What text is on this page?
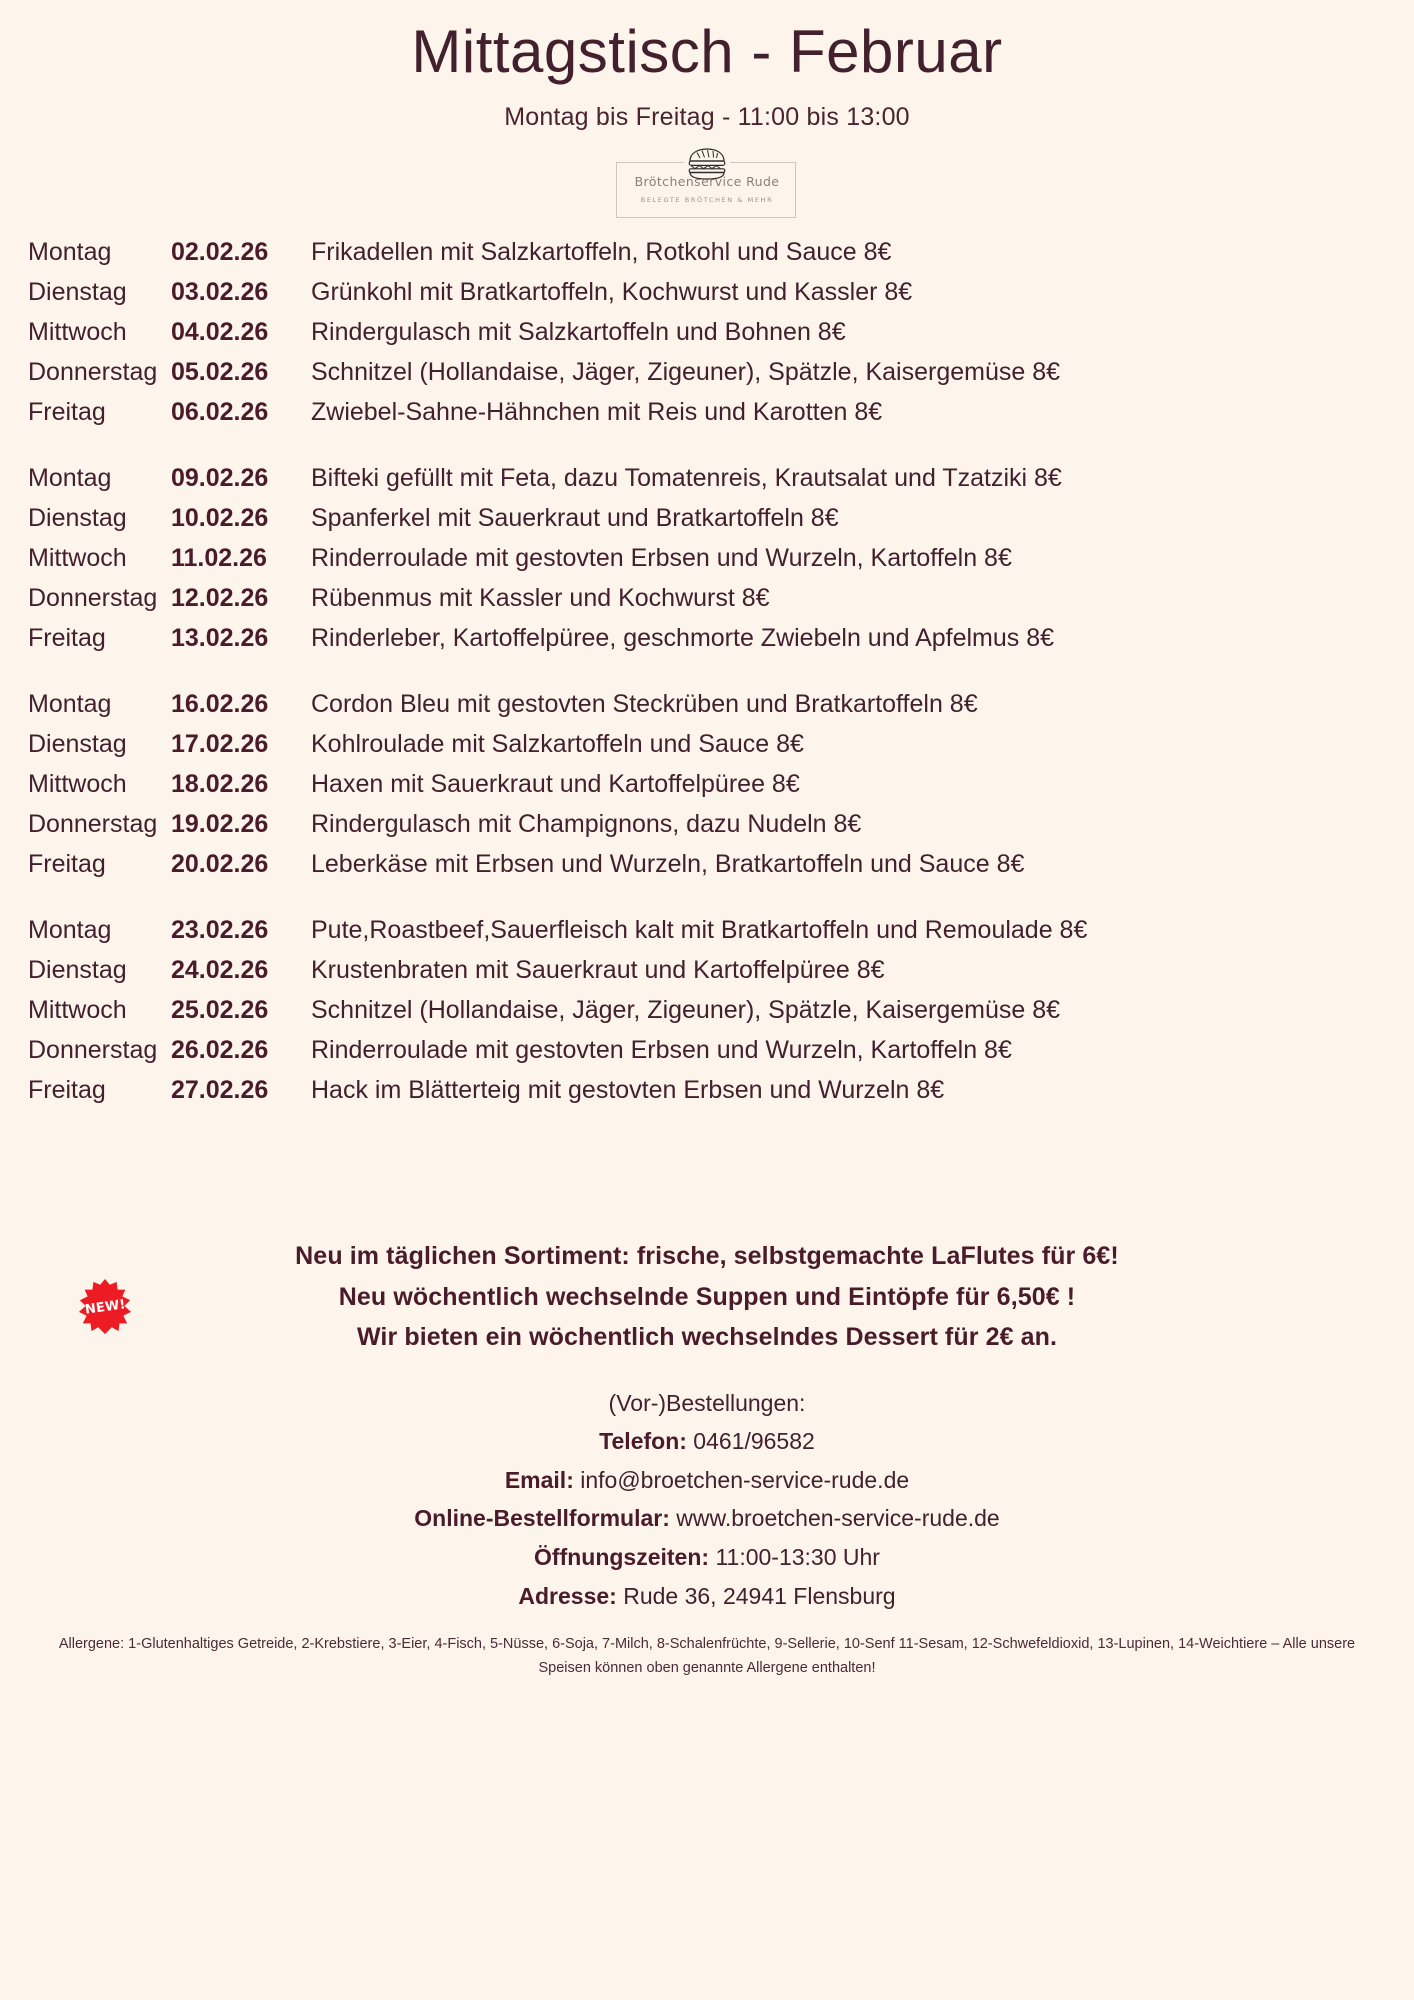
Mittagstisch - Februar
Montag bis Freitag - 11:00 bis 13:00
Brötchenservice Rude
BELEGTE BRÖTCHEN & MEHR
Montag	02.02.26	Frikadellen mit Salzkartoffeln, Rotkohl und Sauce 8€
Dienstag	03.02.26	Grünkohl mit Bratkartoffeln, Kochwurst und Kassler 8€
Mittwoch	04.02.26	Rindergulasch mit Salzkartoffeln und Bohnen 8€
Donnerstag 05.02.26	Schnitzel (Hollandaise, Jäger, Zigeuner), Spätzle, Kaisergemüse 8€
Freitag	06.02.26	Zwiebel-Sahne-Hähnchen mit Reis und Karotten 8€
Montag	09.02.26	Bifteki gefüllt mit Feta, dazu Tomatenreis, Krautsalat und Tzatziki 8€
Dienstag	10.02.26	Spanferkel mit Sauerkraut und Bratkartoffeln 8€
Mittwoch	11.02.26	Rinderroulade mit gestovten Erbsen und Wurzeln, Kartoffeln 8€
Donnerstag 12.02.26	Rübenmus mit Kassler und Kochwurst 8€
Freitag	13.02.26	Rinderleber, Kartoffelpüree, geschmorte Zwiebeln und Apfelmus 8€
Montag	16.02.26	Cordon Bleu mit gestovten Steckrüben und Bratkartoffeln 8€
Dienstag	17.02.26	Kohlroulade mit Salzkartoffeln und Sauce 8€
Mittwoch	18.02.26	Haxen mit Sauerkraut und Kartoffelpüree 8€
Donnerstag 19.02.26	Rindergulasch mit Champignons, dazu Nudeln 8€
Freitag	20.02.26	Leberkäse mit Erbsen und Wurzeln, Bratkartoffeln und Sauce 8€
Montag	23.02.26	Pute,Roastbeef,Sauerfleisch kalt mit Bratkartoffeln und Remoulade 8€
Dienstag	24.02.26	Krustenbraten mit Sauerkraut und Kartoffelpüree 8€
Mittwoch	25.02.26	Schnitzel (Hollandaise, Jäger, Zigeuner), Spätzle, Kaisergemüse 8€
Donnerstag 26.02.26	Rinderroulade mit gestovten Erbsen und Wurzeln, Kartoffeln 8€
Freitag	27.02.26	Hack im Blätterteig mit gestovten Erbsen und Wurzeln 8€
NEW!
Neu im täglichen Sortiment: frische, selbstgemachte LaFlutes für 6€!
Neu wöchentlich wechselnde Suppen und Eintöpfe für 6,50€ !
Wir bieten ein wöchentlich wechselndes Dessert für 2€ an.
(Vor-)Bestellungen:
Telefon: 0461/96582
Email: info@broetchen-service-rude.de
Online-Bestellformular: www.broetchen-service-rude.de
Öffnungszeiten: 11:00-13:30 Uhr
Adresse: Rude 36, 24941 Flensburg
Allergene: 1-Glutenhaltiges Getreide, 2-Krebstiere, 3-Eier, 4-Fisch, 5-Nüsse, 6-Soja, 7-Milch, 8-Schalenfrüchte, 9-Sellerie, 10-Senf 11-Sesam, 12-Schwefeldioxid, 13-Lupinen, 14-Weichtiere – Alle unsere Speisen können oben genannte Allergene enthalten!
